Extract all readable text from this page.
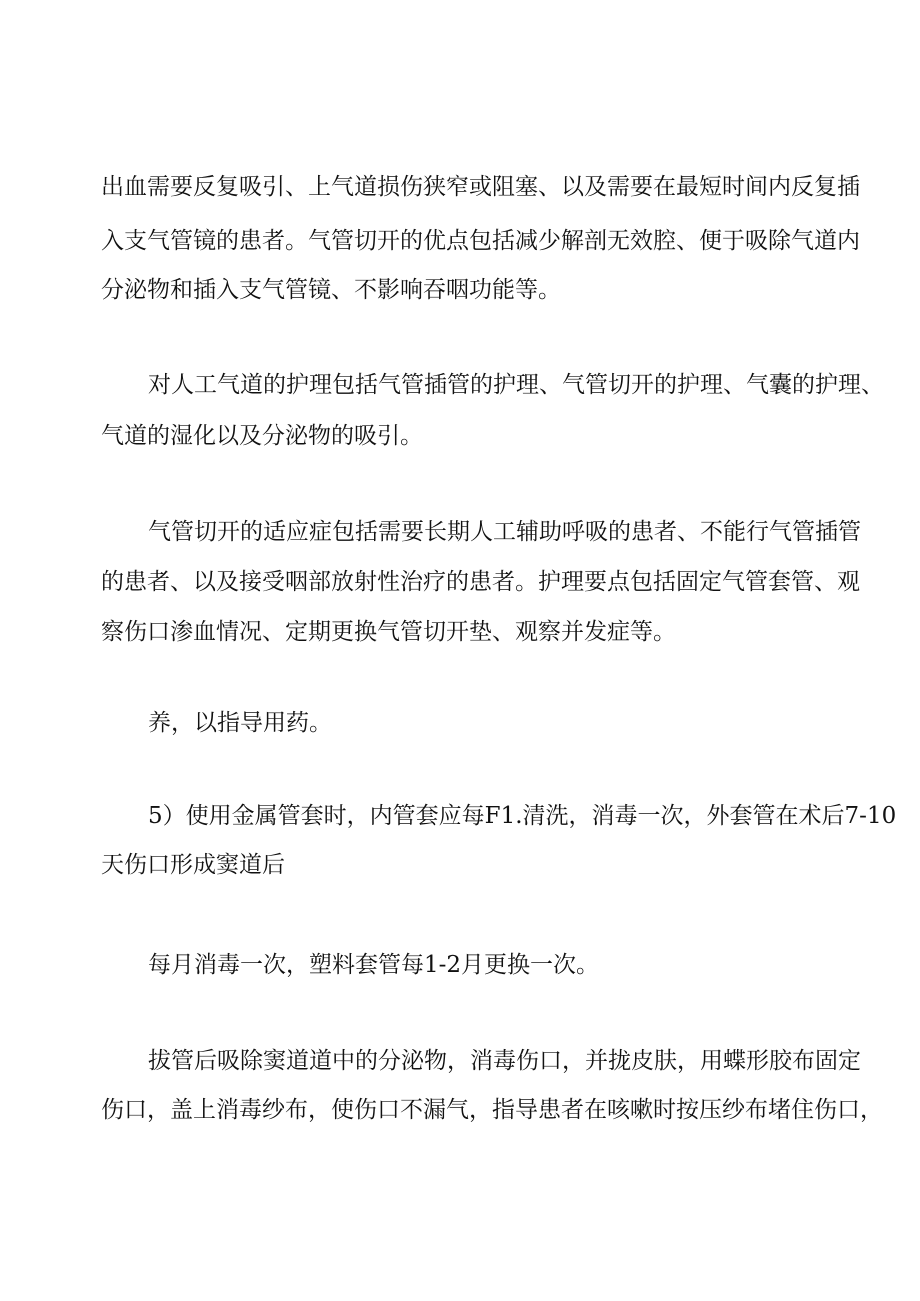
出血需要反复吸引、上气道损伤狭窄或阻塞、以及需要在最短时间内反复插

入支气管镜的患者。气管切开的优点包括减少解剖无效腔、便于吸除气道内

分泌物和插入支气管镜、不影响吞咽功能等。

对人工气道的护理包括气管插管的护理、气管切开的护理、气囊的护理、

气道的湿化以及分泌物的吸引。

气管切开的适应症包括需要长期人工辅助呼吸的患者、不能行气管插管

的患者、以及接受咽部放射性治疗的患者。护理要点包括固定气管套管、观

察伤口渗血情况、定期更换气管切开垫、观察并发症等。

养，以指导用药。

5）使用金属管套时，内管套应每F1.清洗，消毒一次，外套管在术后7-10

天伤口形成窦道后

每月消毒一次，塑料套管每1-2月更换一次。

拔管后吸除窦道道中的分泌物，消毒伤口，并拢皮肤，用蝶形胶布固定

伤口，盖上消毒纱布，使伤口不漏气，指导患者在咳嗽时按压纱布堵住伤口，
